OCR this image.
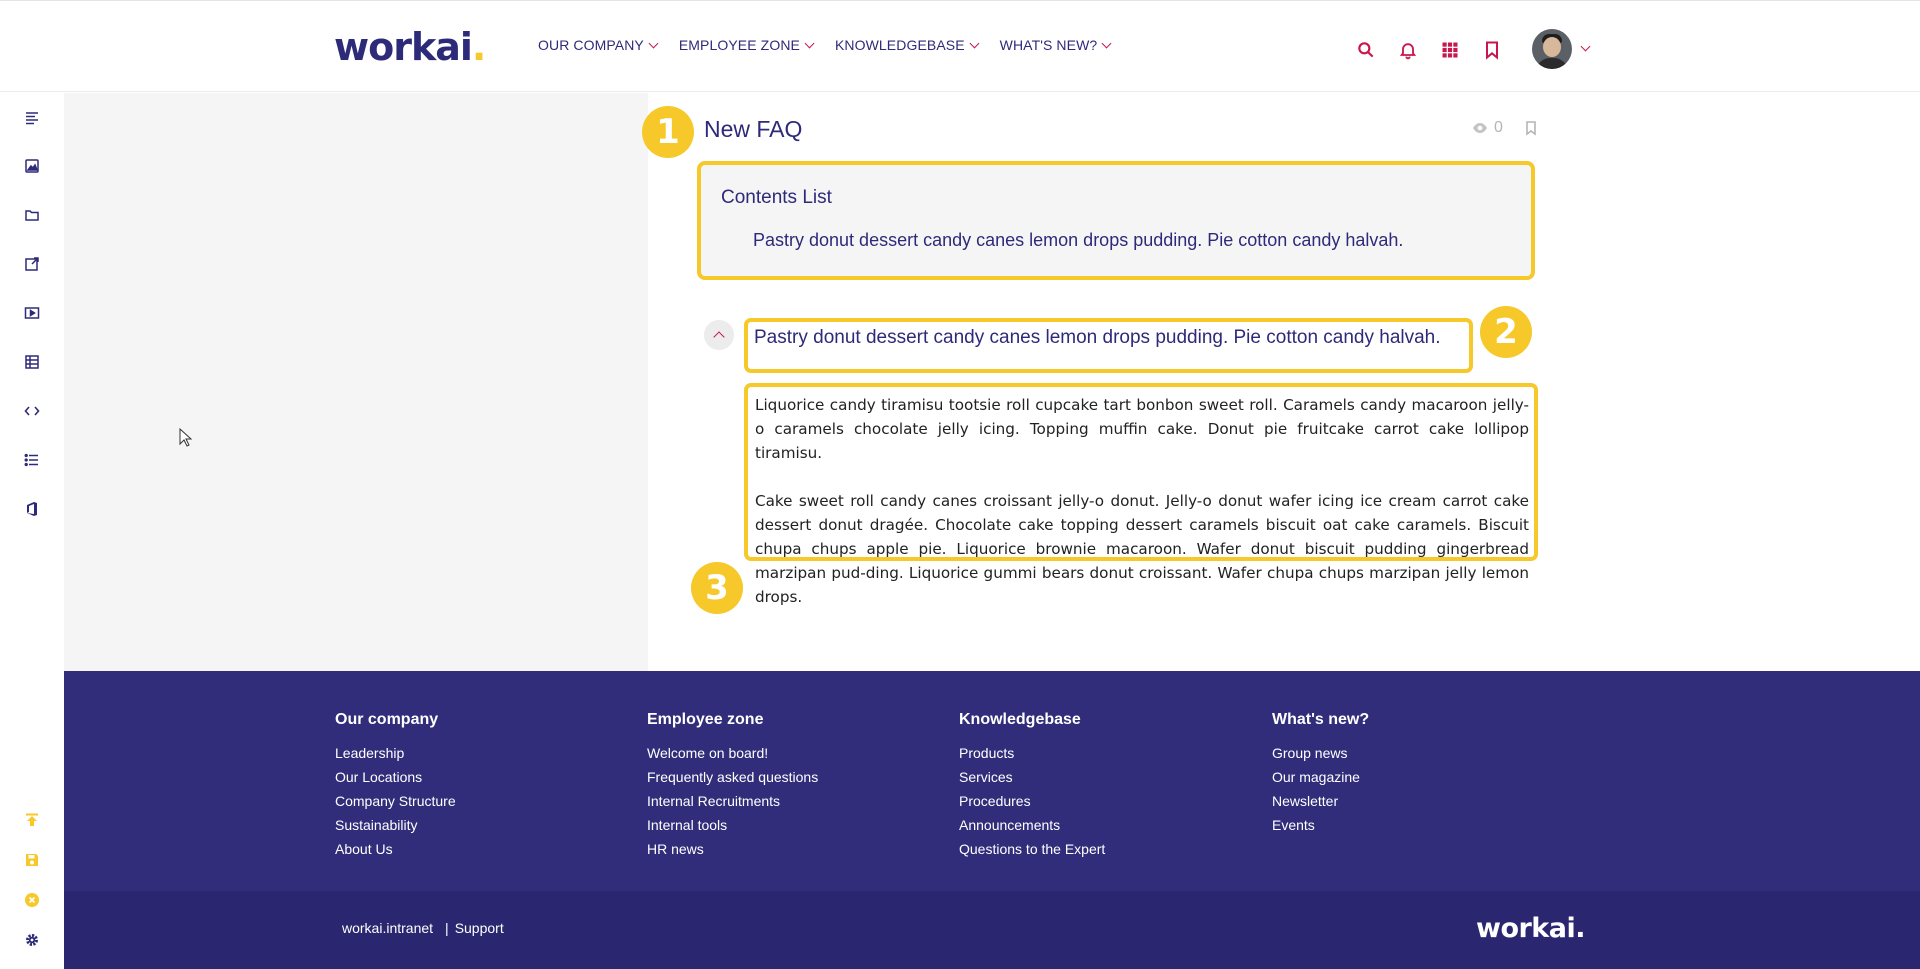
workai.	OUR COMPANY	EMPLOYEE ZONE	KNOWLEDGEBASE	WHAT'S NEW?
1	New FAQ	0
Contents List
Pastry donut dessert candy canes lemon drops pudding. Pie cotton candy halvah.
Pastry donut dessert candy canes lemon drops pudding. Pie cotton candy halvah.	2

Liquorice candy tiramisu tootsie roll cupcake tart bonbon sweet roll. Caramels candy macaroon jelly-o caramels chocolate jelly icing. Topping muffin cake. Donut pie fruitcake carrot cake lollipop tiramisu.

Cake sweet roll candy canes croissant jelly-o donut. Jelly-o donut wafer icing ice cream carrot cake dessert donut dragée. Chocolate cake topping dessert caramels biscuit oat cake caramels. Biscuit chupa chups apple pie. Liquorice brownie macaroon. Wafer donut biscuit pudding gingerbread marzipan pud-ding. Liquorice gummi bears donut croissant. Wafer chupa chups marzipan jelly lemon drops.

3
Our company
Leadership
Our Locations
Company Structure
Sustainability
About Us
Employee zone
Welcome on board!
Frequently asked questions
Internal Recruitments
Internal tools
HR news
Knowledgebase
Products
Services
Procedures
Announcements
Questions to the Expert
What's new?
Group news
Our magazine
Newsletter
Events
workai.intranet | Support	workai.
